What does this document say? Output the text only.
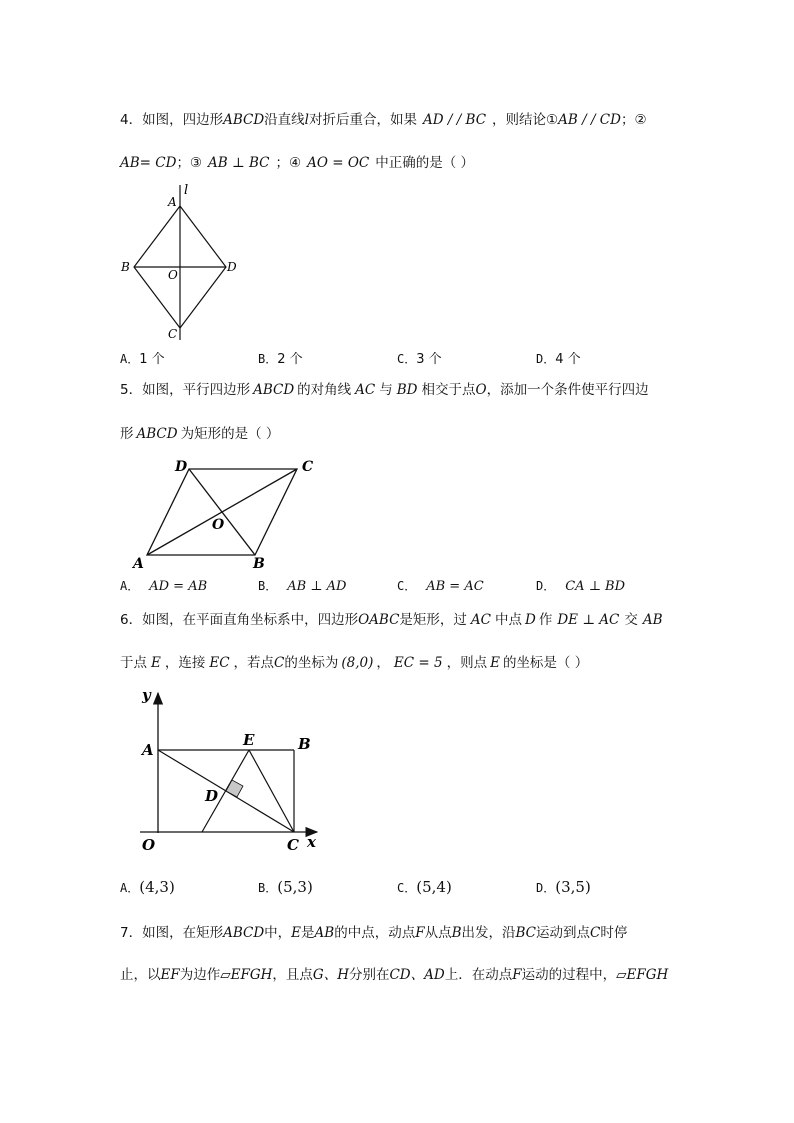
4．如图，四边形ABCD沿直线l对折后重合，如果 AD / / BC ，则结论①AB / / CD；②
AB= CD；③ AB ⊥ BC ；④ AO = OC 中正确的是（ ）
l
A
B
C
D
O
A．1 个	B．2 个	C．3 个	D．4 个
5．如图，平行四边形 ABCD 的对角线 AC 与 BD 相交于点O，添加一个条件使平行四边
形 ABCD 为矩形的是（ ）
D	C
A	B
O
A． AD = AB	B． AB ⊥ AD	C． AB = AC	D． CA ⊥ BD
6．如图，在平面直角坐标系中，四边形OABC是矩形，过 AC 中点 D 作 DE ⊥ AC 交 AB
于点 E ，连接 EC ，若点C的坐标为 (8,0) ， EC = 5 ，则点 E 的坐标是（ ）
y
x
A
E	B
D
O	C
A．(4,3)	B．(5,3)	C．(5,4)	D．(3,5)
7．如图，在矩形ABCD中，E是AB的中点，动点F从点B出发，沿BC运动到点C时停
止，以EF为边作▱EFGH，且点G、H分别在CD、AD上．在动点F运动的过程中，▱EFGH
